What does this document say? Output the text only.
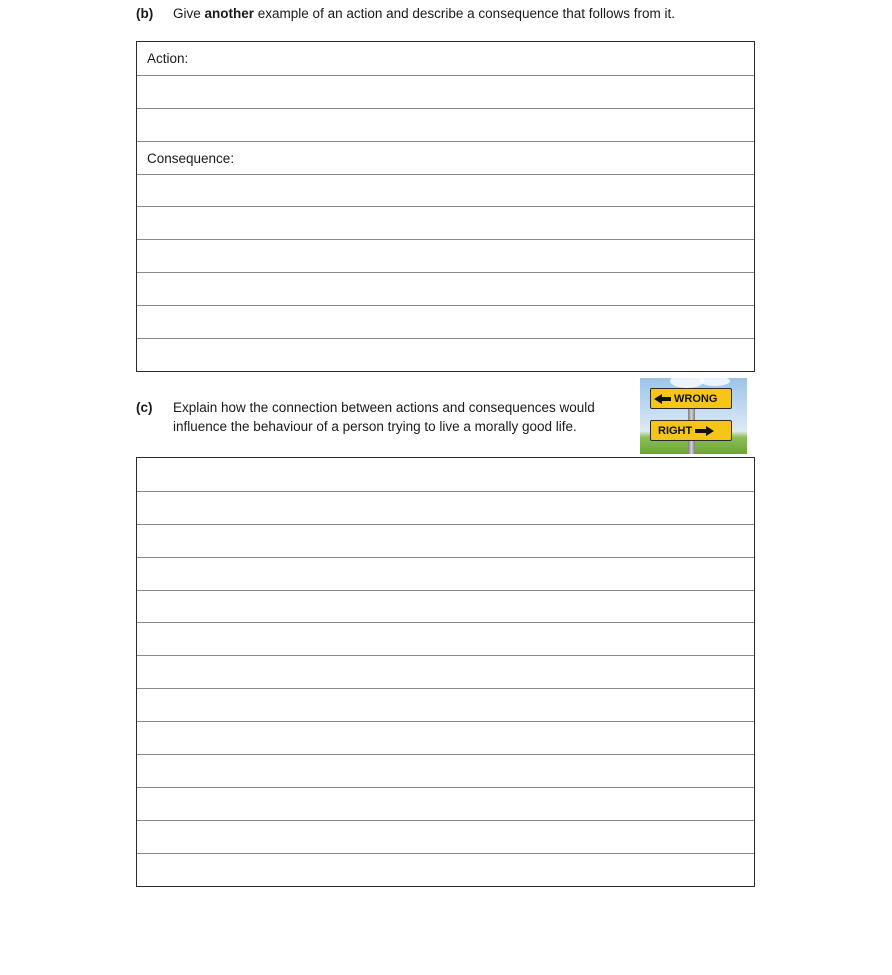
(b) Give another example of an action and describe a consequence that follows from it.
Action:
Consequence:
(c) Explain how the connection between actions and consequences would
influence the behaviour of a person trying to live a morally good life.
WRONG
RIGHT
